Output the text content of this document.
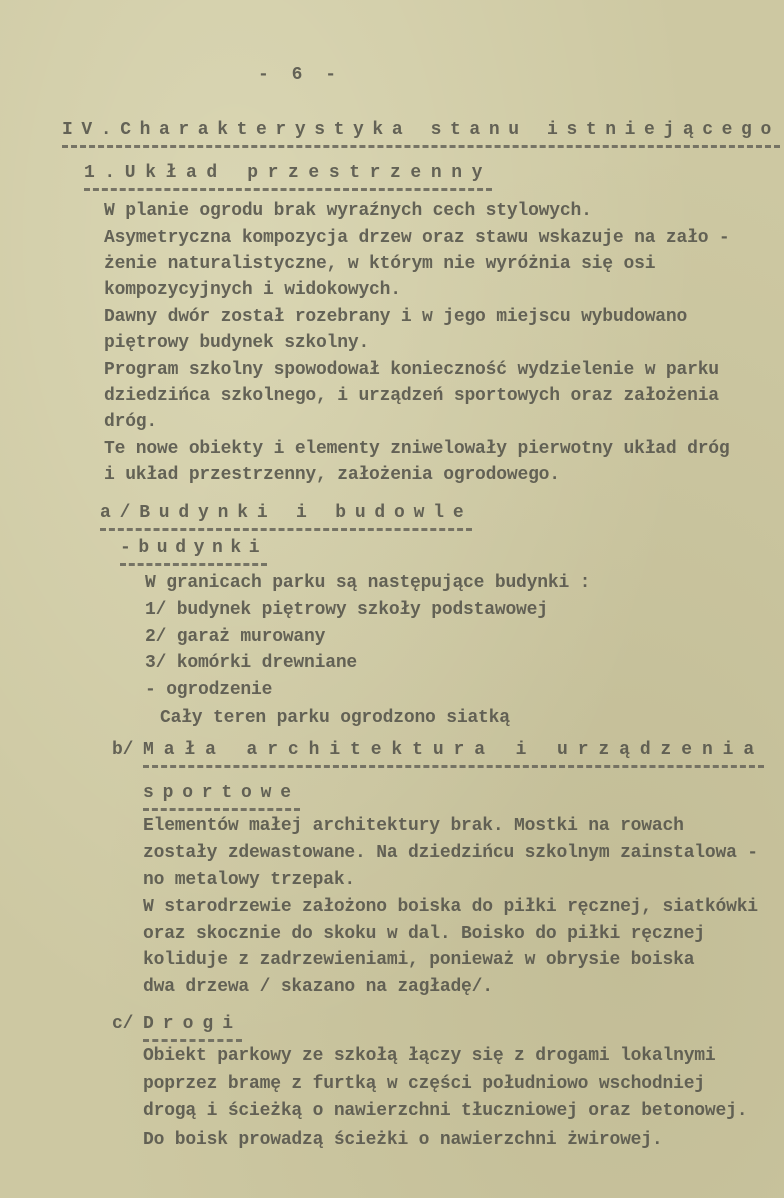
- 6 -
IV.Charakterystyka stanu istniejącego
1.Układ przestrzenny
W planie ogrodu brak wyraźnych cech stylowych.
Asymetryczna kompozycja drzew oraz stawu wskazuje na zało -
żenie naturalistyczne, w którym nie wyróżnia się osi
kompozycyjnych i widokowych.
Dawny dwór został rozebrany i w jego miejscu wybudowano
piętrowy budynek szkolny.
Program szkolny spowodował konieczność wydzielenie w parku
dziedzińca szkolnego, i urządzeń sportowych oraz założenia
dróg.
Te nowe obiekty i elementy zniwelowały pierwotny układ dróg
i układ przestrzenny, założenia ogrodowego.
a/Budynki i budowle
-budynki
W granicach parku są następujące budynki :
1/ budynek piętrowy szkoły podstawowej
2/ garaż murowany
3/ komórki drewniane
- ogrodzenie
Cały teren parku ogrodzono siatką
b/ Mała architektura i urządzenia
sportowe
Elementów małej architektury brak. Mostki na rowach
zostały zdewastowane. Na dziedzińcu szkolnym zainstalowa -
no metalowy trzepak.
W starodrzewie założono boiska do piłki ręcznej, siatkówki
oraz skocznie do skoku w dal. Boisko do piłki ręcznej
koliduje z zadrzewieniami, ponieważ w obrysie boiska
dwa drzewa / skazano na zagładę/.
c/ Drogi
Obiekt parkowy ze szkołą łączy się z drogami lokalnymi
poprzez bramę z furtką w części południowo wschodniej
drogą i ścieżką o nawierzchni tłuczniowej oraz betonowej.
Do boisk prowadzą ścieżki o nawierzchni żwirowej.
